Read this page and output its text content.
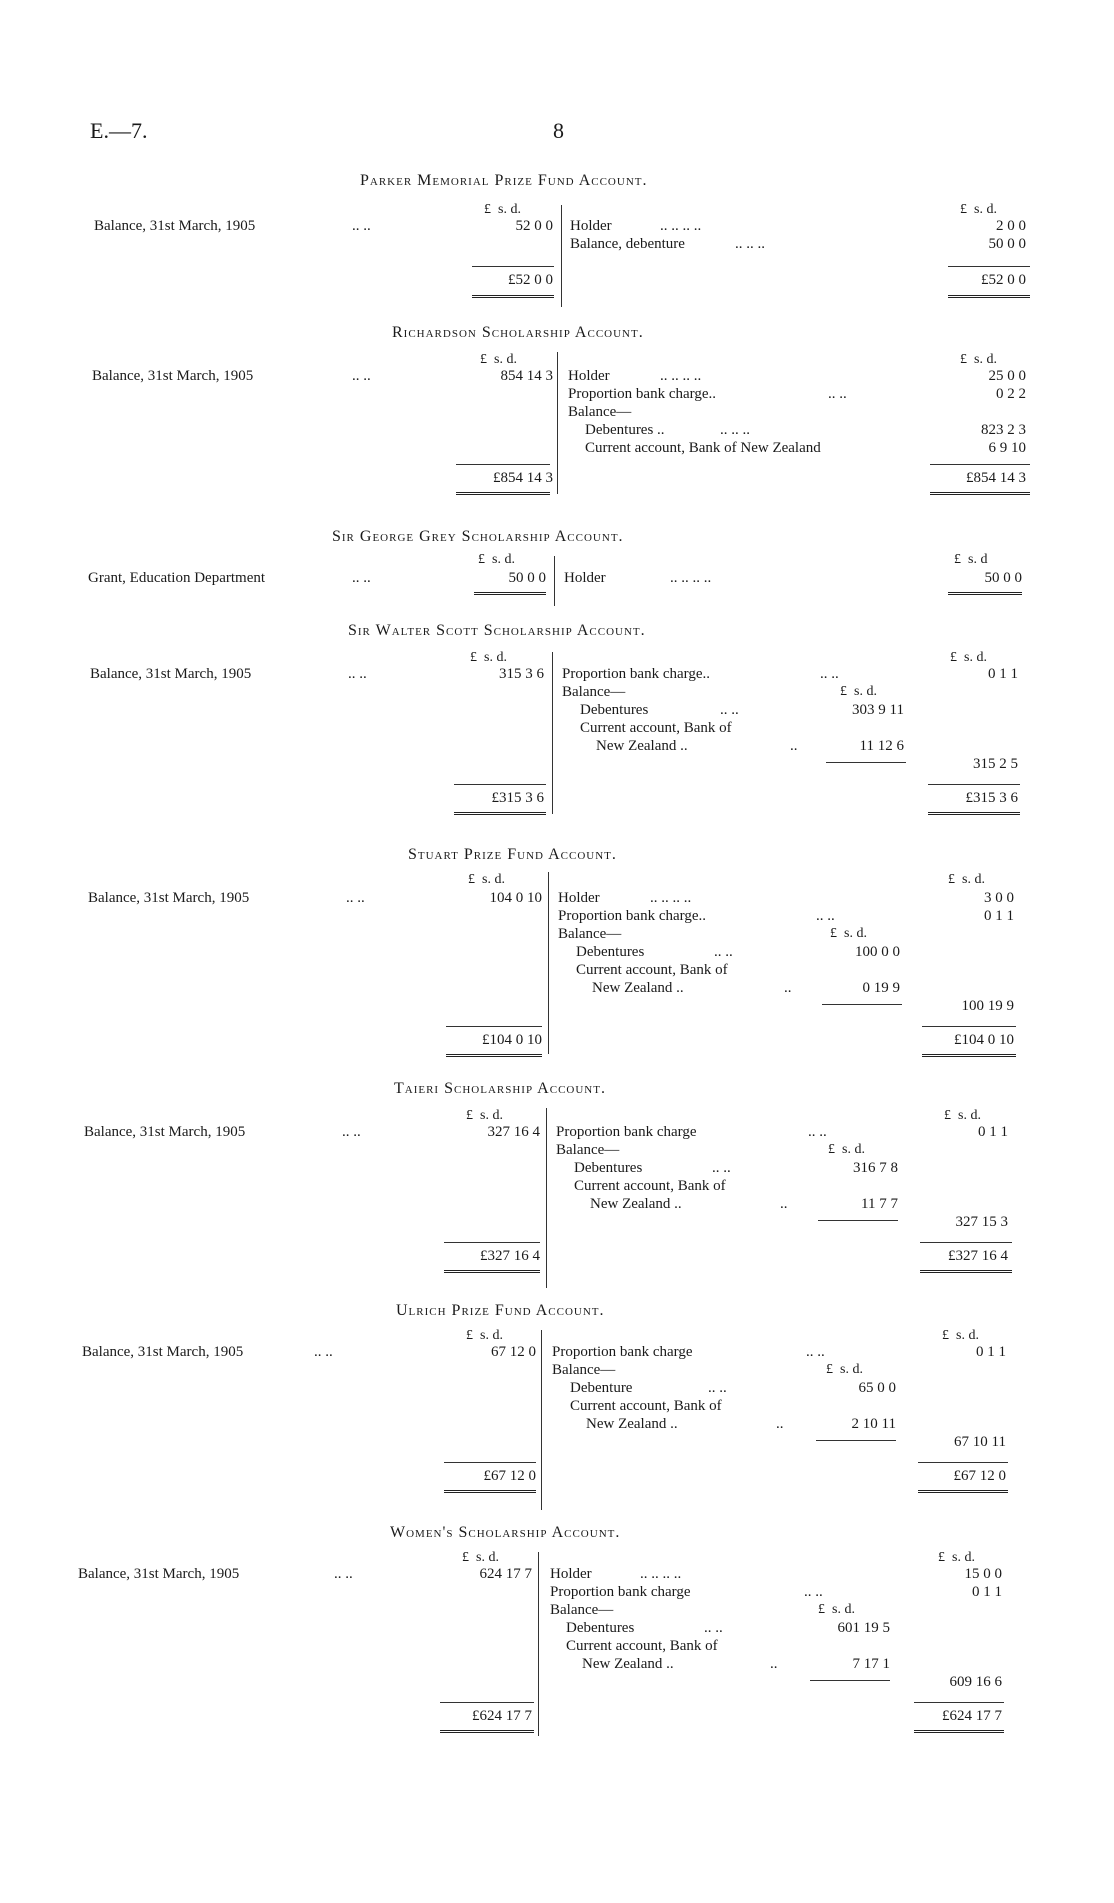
E.—7.	8
Parker Memorial Prize Fund Account.
£ s. d.	£ s. d.
Balance, 31st March, 1905	.. ..	52 0 0 Holder	.. .. .. ..	2 0 0
Balance, debenture	.. .. ..	50 0 0
£52 0 0	£52 0 0
Richardson Scholarship Account.
£ s. d.	£ s. d.
Balance, 31st March, 1905	.. ..	854 14 3 Holder	.. .. .. ..	25 0 0
Proportion bank charge..	.. ..	0 2 2
Balance—
Debentures ..	.. .. ..	823 2 3
Current account, Bank of New Zealand	6 9 10
£854 14 3	£854 14 3
Sir George Grey Scholarship Account.
£ s. d.	£ s. d
Grant, Education Department	.. ..	50 0 0 Holder	.. .. .. ..	50 0 0
Sir Walter Scott Scholarship Account.
£ s. d.	£ s. d.
Balance, 31st March, 1905	.. ..	315 3 6 Proportion bank charge..	.. ..	0 1 1
Balance—	£ s. d.
Debentures	.. ..	303 9 11
Current account, Bank of
New Zealand ..	..	11 12 6
315 2 5
£315 3 6	£315 3 6
Stuart Prize Fund Account.
£ s. d.	£ s. d.
Balance, 31st March, 1905	.. ..	104 0 10 Holder	.. .. .. ..	3 0 0
Proportion bank charge..	.. ..	0 1 1
Balance—	£ s. d.
Debentures	.. ..	100 0 0
Current account, Bank of
New Zealand ..	..	0 19 9
100 19 9
£104 0 10	£104 0 10
Taieri Scholarship Account.
£ s. d.	£ s. d.
Balance, 31st March, 1905	.. ..	327 16 4 Proportion bank charge	.. ..	0 1 1
Balance—	£ s. d.
Debentures	.. ..	316 7 8
Current account, Bank of
New Zealand ..	..	11 7 7
327 15 3
£327 16 4	£327 16 4
Ulrich Prize Fund Account.
£ s. d.	£ s. d.
Balance, 31st March, 1905	.. ..	67 12 0 Proportion bank charge	.. ..	0 1 1
Balance—	£ s. d.
Debenture	.. ..	65 0 0
Current account, Bank of
New Zealand ..	..	2 10 11
67 10 11
£67 12 0	£67 12 0
Women's Scholarship Account.
£ s. d.	£ s. d.
Balance, 31st March, 1905	.. ..	624 17 7 Holder	.. .. .. ..	15 0 0
Proportion bank charge	.. ..	0 1 1
Balance—	£ s. d.
Debentures	.. ..	601 19 5
Current account, Bank of
New Zealand ..	..	7 17 1
609 16 6
£624 17 7	£624 17 7
